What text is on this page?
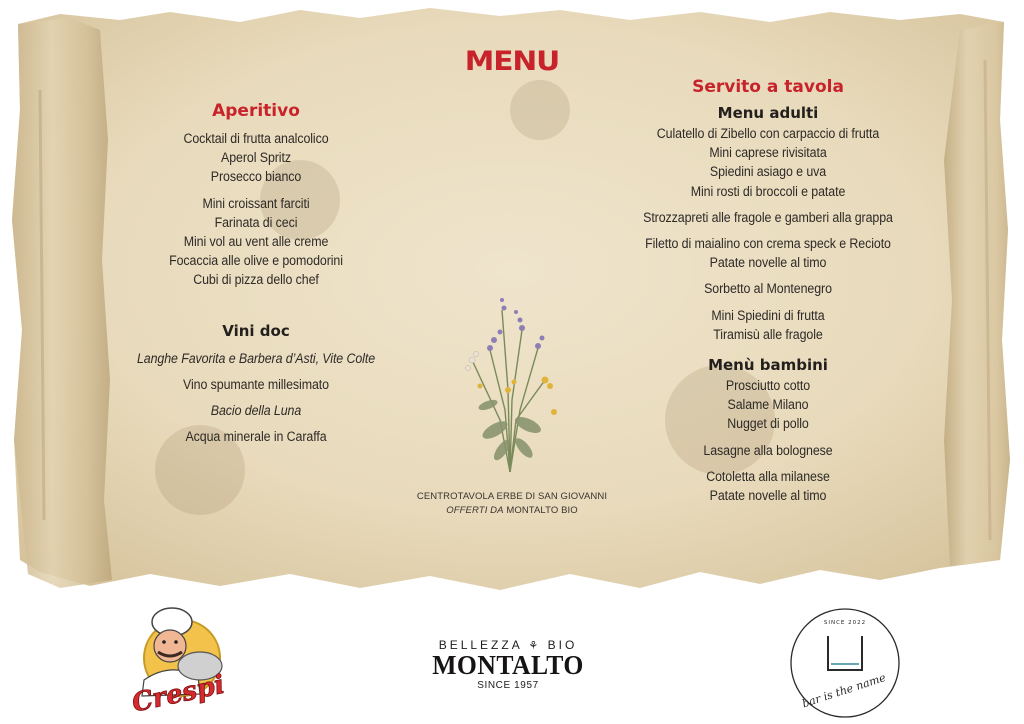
MENU
Aperitivo
Cocktail di frutta analcolico
Aperol Spritz
Prosecco bianco
Mini croissant farciti
Farinata di ceci
Mini vol au vent alle creme
Focaccia alle olive e pomodorini
Cubi di pizza dello chef
Vini doc
Langhe Favorita e Barbera d’Asti, Vite Colte
Vino spumante millesimato
Bacio della Luna
Acqua minerale in Caraffa
CENTROTAVOLA ERBE DI SAN GIOVANNI
OFFERTI DA MONTALTO BIO
Servito a tavola
Menu adulti
Culatello di Zibello con carpaccio di frutta
Mini caprese rivisitata
Spiedini asiago e uva
Mini rosti di broccoli e patate
Strozzapreti alle fragole e gamberi alla grappa
Filetto di maialino con crema speck e Recioto
Patate novelle al timo
Sorbetto al Montenegro
Mini Spiedini di frutta
Tiramisù alle fragole
Menù bambini
Prosciutto cotto
Salame Milano
Nugget di pollo
Lasagne alla bolognese
Cotoletta alla milanese
Patate novelle al timo
Crespi
BELLEZZA ⚘ BIO
MONTALTO
SINCE 1957
SINCE 2022
bar is the name
